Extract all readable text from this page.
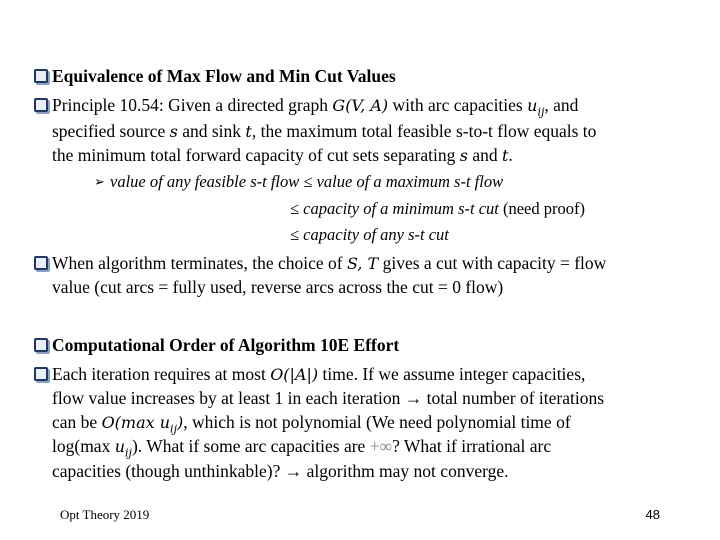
Equivalence of Max Flow and Min Cut Values
Principle 10.54: Given a directed graph G(V, A) with arc capacities $u_{ij}$, and
specified source s and sink t, the maximum total feasible s-to-t flow equals to
the minimum total forward capacity of cut sets separating s and t.
➢ value of any feasible s-t flow ≤ value of a maximum s-t flow
≤ capacity of a minimum s-t cut (need proof)
≤ capacity of any s-t cut
When algorithm terminates, the choice of S, T gives a cut with capacity = flow
value (cut arcs = fully used, reverse arcs across the cut = 0 flow)
Computational Order of Algorithm 10E Effort
Each iteration requires at most O(|A|) time. If we assume integer capacities,
flow value increases by at least 1 in each iteration → total number of iterations
can be O(max $u_{ij}$), which is not polynomial (We need polynomial time of
log(max $u_{ij}$). What if some arc capacities are +∞? What if irrational arc
capacities (though unthinkable)? → algorithm may not converge.
Opt Theory 2019	48
